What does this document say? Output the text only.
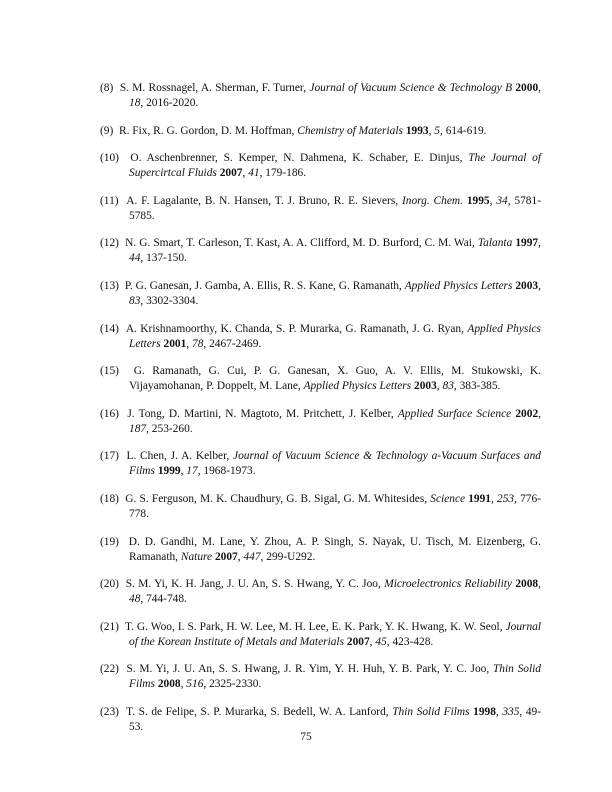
(8) S. M. Rossnagel, A. Sherman, F. Turner, Journal of Vacuum Science & Technology B 2000, 18, 2016-2020.

(9) R. Fix, R. G. Gordon, D. M. Hoffman, Chemistry of Materials 1993, 5, 614-619.

(10) O. Aschenbrenner, S. Kemper, N. Dahmena, K. Schaber, E. Dinjus, The Journal of Supercirtcal Fluids 2007, 41, 179-186.

(11) A. F. Lagalante, B. N. Hansen, T. J. Bruno, R. E. Sievers, Inorg. Chem. 1995, 34, 5781-5785.

(12) N. G. Smart, T. Carleson, T. Kast, A. A. Clifford, M. D. Burford, C. M. Wai, Talanta 1997, 44, 137-150.

(13) P. G. Ganesan, J. Gamba, A. Ellis, R. S. Kane, G. Ramanath, Applied Physics Letters 2003, 83, 3302-3304.

(14) A. Krishnamoorthy, K. Chanda, S. P. Murarka, G. Ramanath, J. G. Ryan, Applied Physics Letters 2001, 78, 2467-2469.

(15) G. Ramanath, G. Cui, P. G. Ganesan, X. Guo, A. V. Ellis, M. Stukowski, K. Vijayamohanan, P. Doppelt, M. Lane, Applied Physics Letters 2003, 83, 383-385.

(16) J. Tong, D. Martini, N. Magtoto, M. Pritchett, J. Kelber, Applied Surface Science 2002, 187, 253-260.

(17) L. Chen, J. A. Kelber, Journal of Vacuum Science & Technology a-Vacuum Surfaces and Films 1999, 17, 1968-1973.

(18) G. S. Ferguson, M. K. Chaudhury, G. B. Sigal, G. M. Whitesides, Science 1991, 253, 776-778.

(19) D. D. Gandhi, M. Lane, Y. Zhou, A. P. Singh, S. Nayak, U. Tisch, M. Eizenberg, G. Ramanath, Nature 2007, 447, 299-U292.

(20) S. M. Yi, K. H. Jang, J. U. An, S. S. Hwang, Y. C. Joo, Microelectronics Reliability 2008, 48, 744-748.

(21) T. G. Woo, I. S. Park, H. W. Lee, M. H. Lee, E. K. Park, Y. K. Hwang, K. W. Seol, Journal of the Korean Institute of Metals and Materials 2007, 45, 423-428.

(22) S. M. Yi, J. U. An, S. S. Hwang, J. R. Yim, Y. H. Huh, Y. B. Park, Y. C. Joo, Thin Solid Films 2008, 516, 2325-2330.

(23) T. S. de Felipe, S. P. Murarka, S. Bedell, W. A. Lanford, Thin Solid Films 1998, 335, 49-53.

75
